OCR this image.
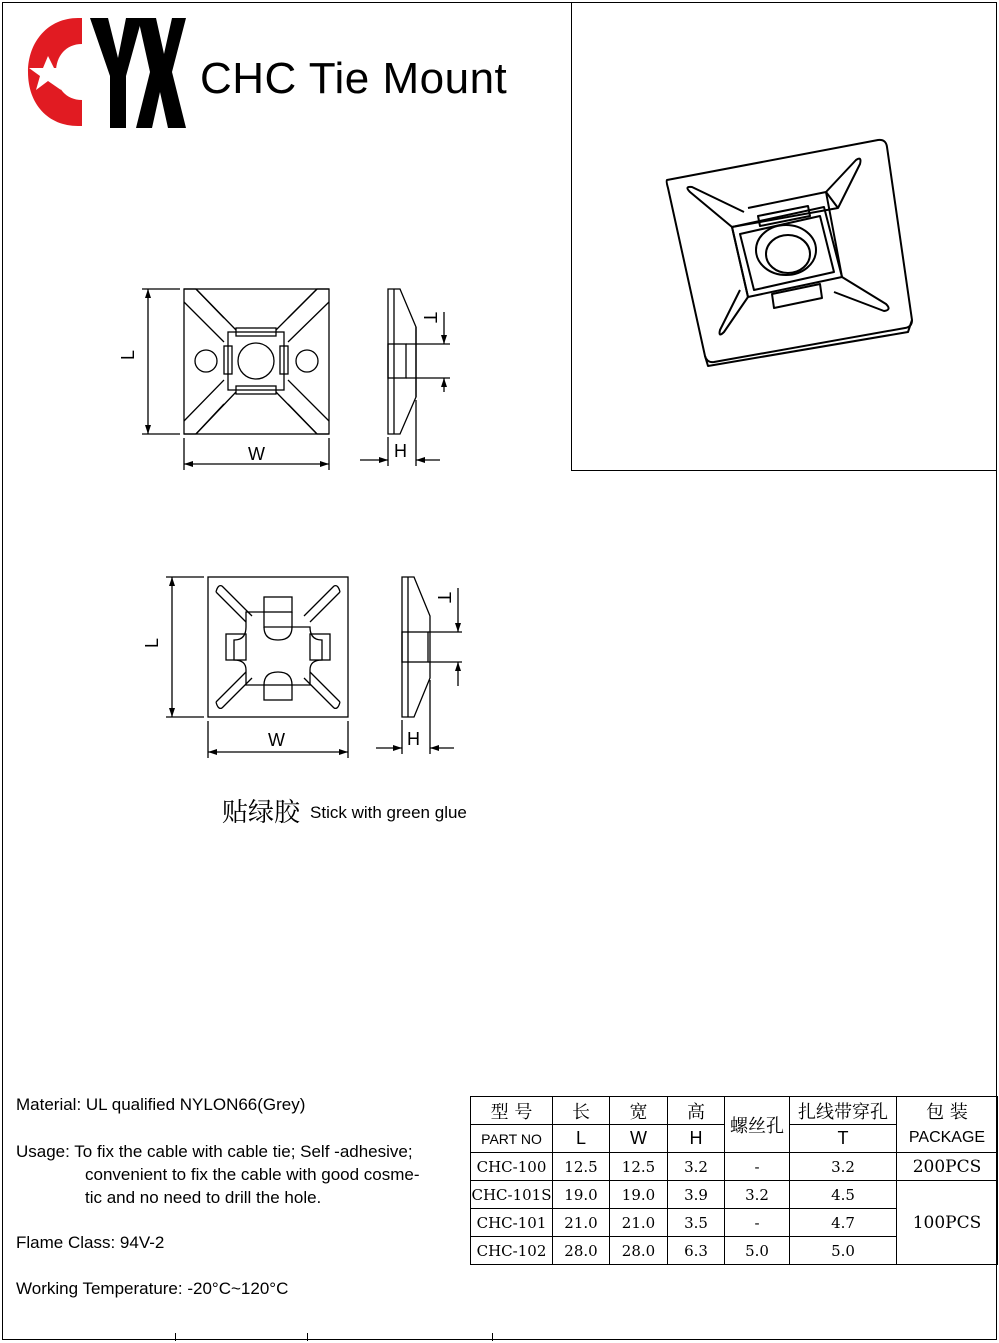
CHC Tie Mount
L
W
T
H
L
W
T
H
贴绿胶 Stick with green glue

Material: UL qualified NYLON66(Grey)

Usage: To fix the cable with cable tie; Self -adhesive;
convenient to fix the cable with good cosme-
tic and no need to drill the hole.

Flame Class: 94V-2

Working Temperature: -20°C~120°C

型 号	长	宽	高	螺丝孔	扎线带穿孔	包 装
PART NO	L	W	H		T	PACKAGE
CHC-100	12.5	12.5	3.2	-	3.2	200PCS
CHC-101S	19.0	19.0	3.9	3.2	4.5	100PCS
CHC-101	21.0	21.0	3.5	-	4.7	
CHC-102	28.0	28.0	6.3	5.0	5.0	
